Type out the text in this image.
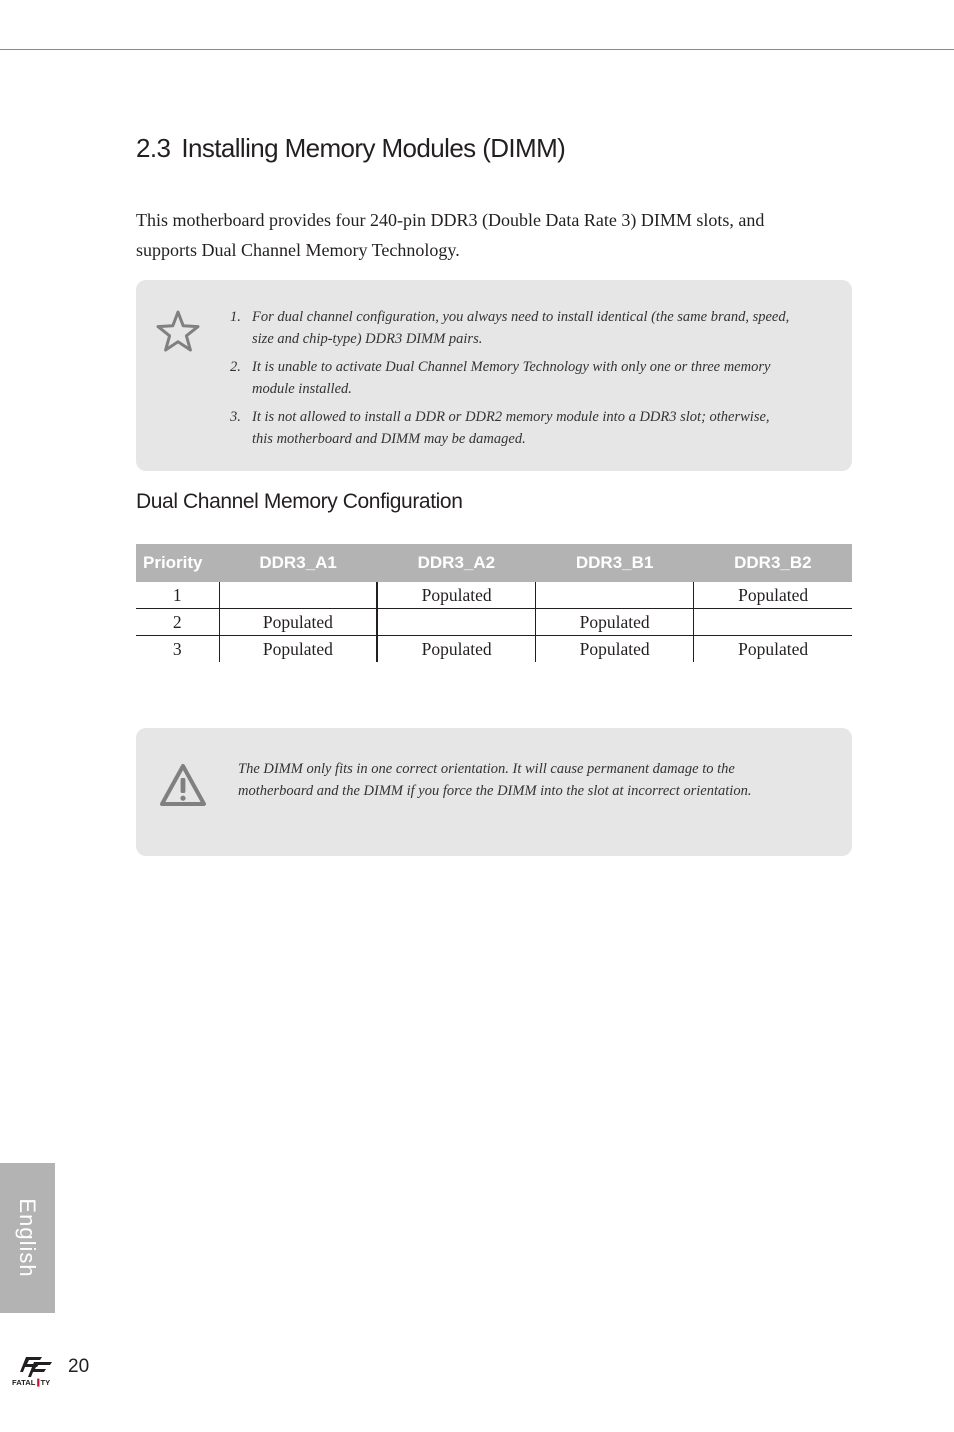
2.3 Installing Memory Modules (DIMM)

This motherboard provides four 240-pin DDR3 (Double Data Rate 3) DIMM slots, and supports Dual Channel Memory Technology.

1. For dual channel configuration, you always need to install identical (the same brand, speed, size and chip-type) DDR3 DIMM pairs.
2. It is unable to activate Dual Channel Memory Technology with only one or three memory module installed.
3. It is not allowed to install a DDR or DDR2 memory module into a DDR3 slot; otherwise, this motherboard and DIMM may be damaged.
Dual Channel Memory Configuration
Priority	DDR3_A1	DDR3_A2	DDR3_B1	DDR3_B2
1		Populated		Populated
2	Populated		Populated	
3	Populated	Populated	Populated	Populated

The DIMM only fits in one correct orientation. It will cause permanent damage to the motherboard and the DIMM if you force the DIMM into the slot at incorrect orientation.

English
FATAL TY
20
